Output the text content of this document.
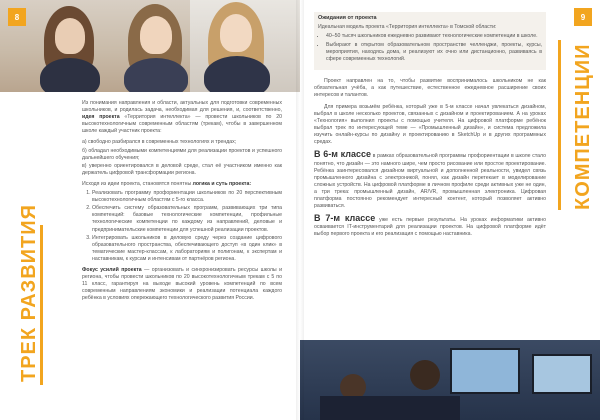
8
ТРЕК РАЗВИТИЯ

Из понимания направления и области, актуальных для подготовки современных школьников, и родилась задача, необходимая для решения, и, соответственно, идея проекта «Территория интеллекта» — провести школьников по 20 высокотехнологичным современным областям (трекам), чтобы в завершенном школе каждый участник проекта:

а) свободно разбирался в современных технологиях и трендах;

б) обладал необходимыми компетенциями для реализации проектов и успешного дальнейшего обучения;

в) уверенно ориентировался в деловой среде, стал её участником именно как держатель цифровой трансформации региона.

Исходя из идеи проекта, становятся понятны логика и суть проекта:

1. Реализовать программу профориентации школьников по 20 перспективным высокотехнологичным областям с 5-го класса.
2. Обеспечить систему образовательных программ, развивающих три типа компетенций: базовые технологические компетенции, профильные технологические компетенции по каждому из направлений, деловые и предпринимательские компетенции для успешной реализации проектов.
3. Интегрировать школьников в деловую среду через создание цифрового образовательного пространства, обеспечивающего доступ «в один клик» в тематические мастер-классам, к лабораториям и полигонам, к экспертам и наставникам, к курсам и интенсивам от партнёров региона.

Фокус усилий проекта — организовать и синхронизировать ресурсы школы и региона, чтобы провести школьников по 20 высокотехнологичным трекам с 5 по 11 класс, гарантируя на выходе высокий уровень компетенций по всем современным направлениям экономики и реализации потенциала каждого ребёнка в условиях опережающего технологического развития России.

Ожидания от проекта
Идеальная модель проекта «Территория интеллекта» в Томской области:
• 40–50 тысяч школьников ежедневно развивают технологические компетенции в школе.
• Выбирают в открытом образовательном пространстве челленджи, проекты, курсы, мероприятия, находясь дома, и реализуют их очно или дистанционно, развиваясь в сфере современных технологий.

Проект направлен на то, чтобы развитие воспринималось школьником не как обязательная учёба, а как путешествие, естественное ежедневное расширение своих интересов и талантов.

Для примера возьмём ребёнка, который уже в 5-м классе начал увлекаться дизайном, выбрал в школе несколько проектов, связанных с дизайном и проектированием. А на уроках «Технология» выполнил проекты с помощью учителя. На цифровой платформе ребёнок выбрал трек по интересующей теме — «Промышленный дизайн», и система предложила изучить онлайн-курсы по дизайну и проектированию в SketchUp и в других программных средах.

В 6-м классе в рамках образовательной программы профориентации в школе стало понятно, что дизайн — это намного шире, чем просто рисование или простое проектирование. Ребёнка заинтересовался дизайном виртуальной и дополненной реальности, увидел связь промышленного дизайна с электроникой, понял, как дизайн перетекает в моделирование сложных устройств. На цифровой платформе в личном профиле среди активных уже не один, а три трека: промышленный дизайн, AR/VR, промышленная электроника. Цифровая платформа постоянно рекомендует интересный контент, который позволяет активно развиваться.

В 7-м классе уже есть первые результаты. На уроках информатики активно осваивается IT-инструментарий для реализации проектов. На цифровой платформе идёт выбор первого проекта и его реализация с помощью наставника.

9
КОМПЕТЕНЦИИ
